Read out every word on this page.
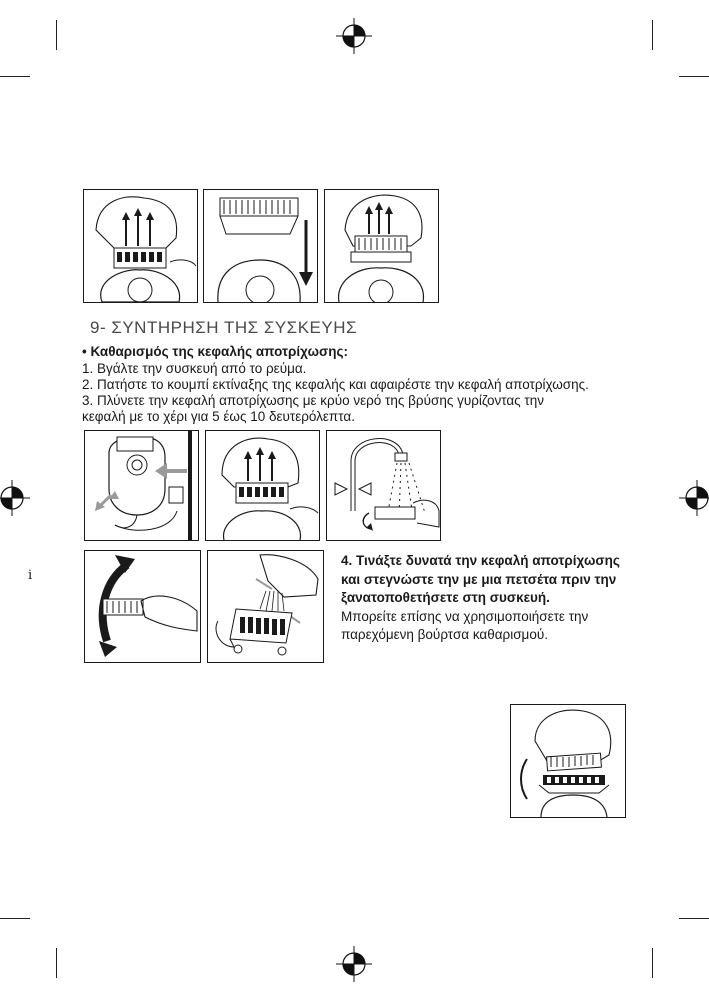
9- ΣΥΝΤΗΡΗΣΗ ΤΗΣ ΣΥΣΚΕΥΗΣ
• Καθαρισμός της κεφαλής αποτρίχωσης:
1. Βγάλτε την συσκευή από το ρεύμα.
2. Πατήστε το κουμπί εκτίναξης της κεφαλής και αφαιρέστε την κεφαλή αποτρίχωσης.
3. Πλύνετε την κεφαλή αποτρίχωσης με κρύο νερό της βρύσης γυρίζοντας την
κεφαλή με το χέρι για 5 έως 10 δευτερόλεπτα.
4. Τινάξτε δυνατά την κεφαλή αποτρίχωσης
και στεγνώστε την με μια πετσέτα πριν την
ξανατοποθετήσετε στη συσκευή.
Μπορείτε επίσης να χρησιμοποιήσετε την
παρεχόμενη βούρτσα καθαρισμού.
i
